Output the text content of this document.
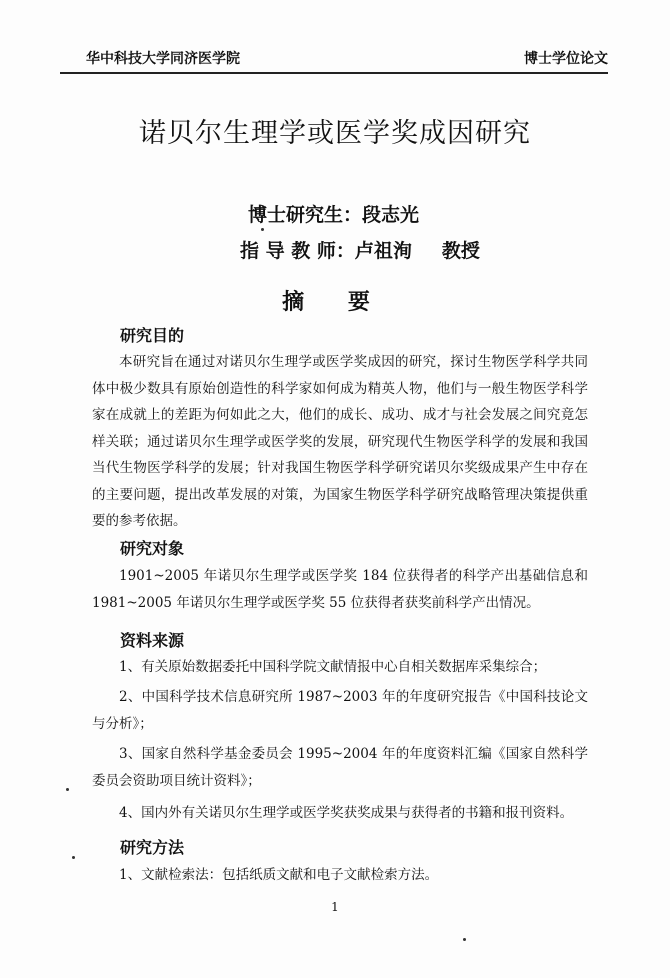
华中科技大学同济医学院	博士学位论文
诺贝尔生理学或医学奖成因研究
博士研究生：段志光
指 导 教 师：卢祖洵 教授
摘 要
研究目的
本研究旨在通过对诺贝尔生理学或医学奖成因的研究，探讨生物医学科学共同体中极少数具有原始创造性的科学家如何成为精英人物，他们与一般生物医学科学家在成就上的差距为何如此之大，他们的成长、成功、成才与社会发展之间究竟怎样关联；通过诺贝尔生理学或医学奖的发展，研究现代生物医学科学的发展和我国当代生物医学科学的发展；针对我国生物医学科学研究诺贝尔奖级成果产生中存在的主要问题，提出改革发展的对策，为国家生物医学科学研究战略管理决策提供重要的参考依据。
研究对象
1901~2005 年诺贝尔生理学或医学奖 184 位获得者的科学产出基础信息和 1981~2005 年诺贝尔生理学或医学奖 55 位获得者获奖前科学产出情况。
资料来源
1、有关原始数据委托中国科学院文献情报中心自相关数据库采集综合；
2、中国科学技术信息研究所 1987~2003 年的年度研究报告《中国科技论文与分析》；
3、国家自然科学基金委员会 1995~2004 年的年度资料汇编《国家自然科学委员会资助项目统计资料》；
4、国内外有关诺贝尔生理学或医学奖获奖成果与获得者的书籍和报刊资料。
研究方法
1、文献检索法：包括纸质文献和电子文献检索方法。
1
